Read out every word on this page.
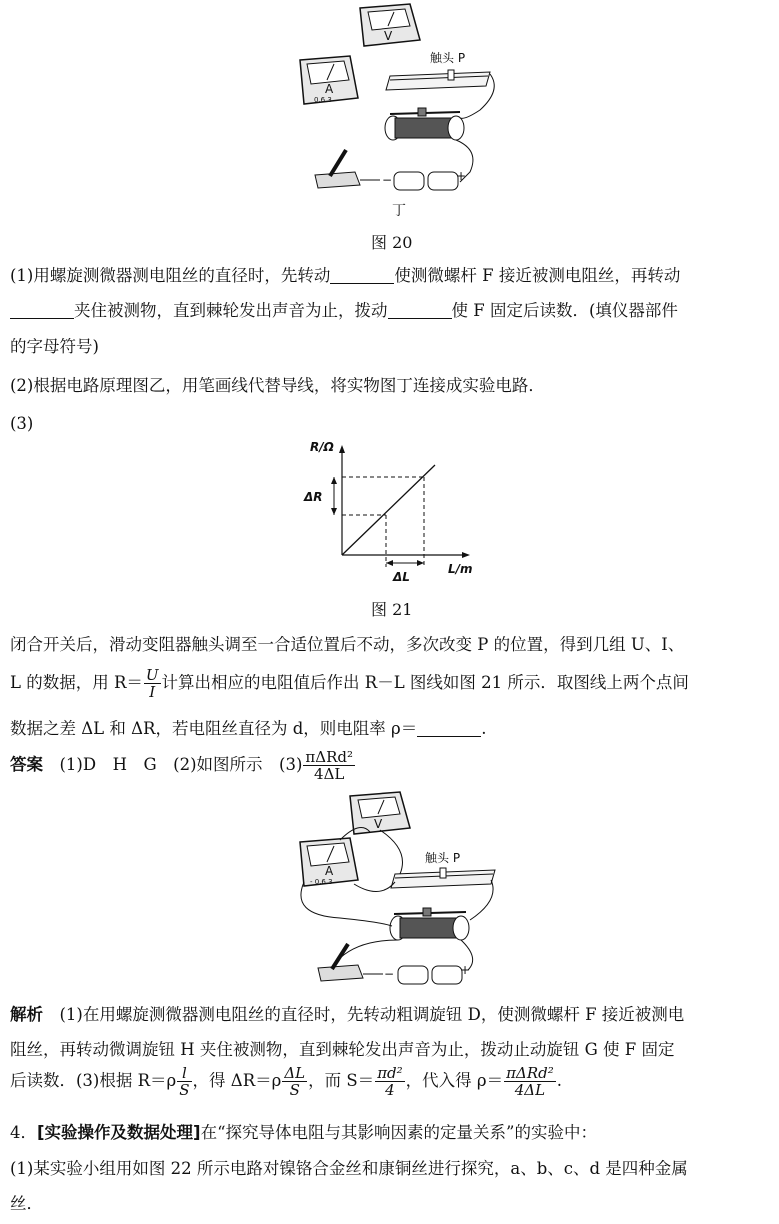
V
A
0.6 3
触头 P
−	+
丁
图 20
(1)用螺旋测微器测电阻丝的直径时，先转动	使测微螺杆 F 接近被测电阻丝，再转动
夹住被测物，直到棘轮发出声音为止，拨动	使 F 固定后读数．(填仪器部件
的字母符号)
(2)根据电路原理图乙，用笔画线代替导线，将实物图丁连接成实验电路．
(3)
R/Ω
ΔR
ΔL
L/m
图 21
闭合开关后，滑动变阻器触头调至一合适位置后不动，多次改变 P 的位置，得到几组 U、I、
L 的数据，用 $R= \frac{U}{I}$ 计算出相应的电阻值后作出 R－L 图线如图 21 所示．取图线上两个点间
数据之差 ΔL 和 ΔR，若电阻丝直径为 d，则电阻率 ρ＝	.
答案　 (1)D　H　G　(2)如图所示　$(3) \frac{\text{πΔRd²}}{4\Delta L}$
V
A
- 0.6 3
触头 P
−	+
解析　 (1)在用螺旋测微器测电阻丝的直径时，先转动粗调旋钮 D，使测微螺杆 F 接近被测电
阻丝，再转动微调旋钮 H 夹住被测物，直到棘轮发出声音为止，拨动止动旋钮 G 使 F 固定
后读数．(3)根据 $R=\rho \frac{l}{S}$ ，得 $\Delta R=\rho \frac{\Delta L}{S}$ ，而 $S= \frac{\text{πd²}}{4}$ ，代入得 $\rho= \frac{\text{πΔRd²}}{4\Delta L}$ .
4．[实验操作及数据处理]在“探究导体电阻与其影响因素的定量关系”的实验中：
(1)某实验小组用如图 22 所示电路对镍铬合金丝和康铜丝进行探究，a、b、c、d 是四种金属
丝．
